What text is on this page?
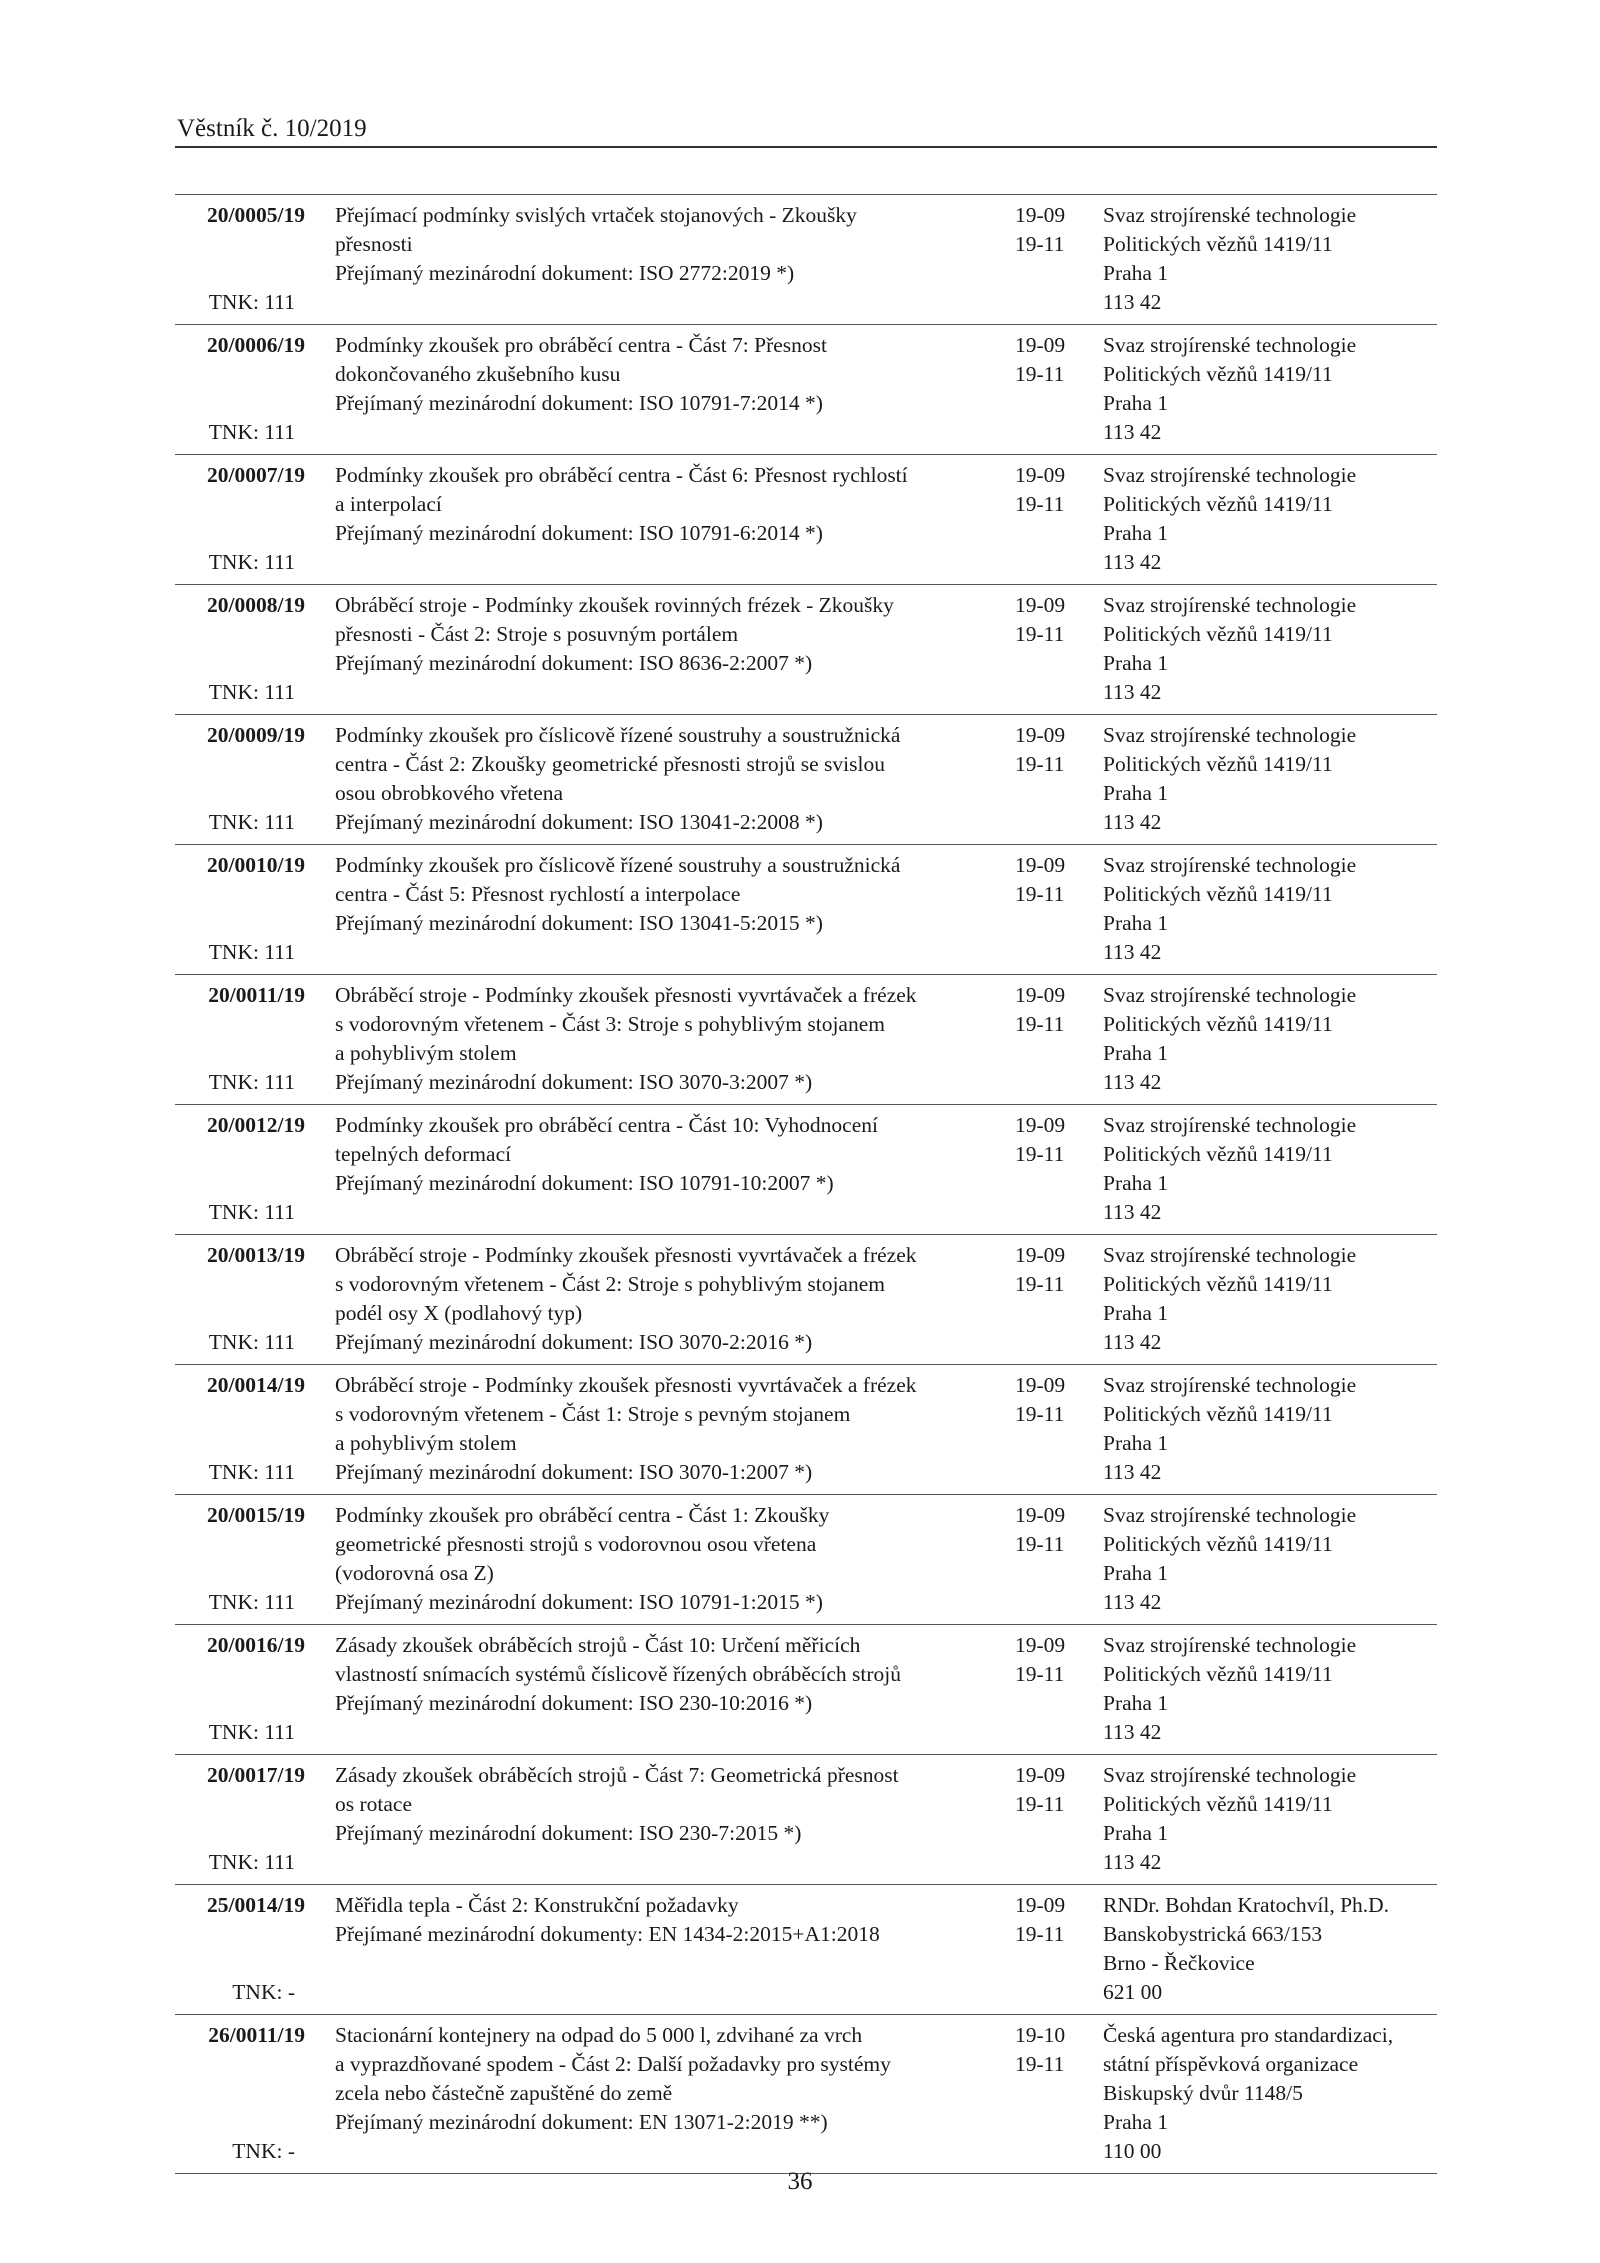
Věstník č. 10/2019
20/0005/19
TNK: 111
Přejímací podmínky svislých vrtaček stojanových - Zkoušky
přesnosti
Přejímaný mezinárodní dokument: ISO 2772:2019 *)
19-09
19-11
Svaz strojírenské technologie
Politických vězňů 1419/11
Praha 1
113 42
20/0006/19
TNK: 111
Podmínky zkoušek pro obráběcí centra - Část 7: Přesnost
dokončovaného zkušebního kusu
Přejímaný mezinárodní dokument: ISO 10791-7:2014 *)
19-09
19-11
Svaz strojírenské technologie
Politických vězňů 1419/11
Praha 1
113 42
20/0007/19
TNK: 111
Podmínky zkoušek pro obráběcí centra - Část 6: Přesnost rychlostí
a interpolací
Přejímaný mezinárodní dokument: ISO 10791-6:2014 *)
19-09
19-11
Svaz strojírenské technologie
Politických vězňů 1419/11
Praha 1
113 42
20/0008/19
TNK: 111
Obráběcí stroje - Podmínky zkoušek rovinných frézek - Zkoušky
přesnosti - Část 2: Stroje s posuvným portálem
Přejímaný mezinárodní dokument: ISO 8636-2:2007 *)
19-09
19-11
Svaz strojírenské technologie
Politických vězňů 1419/11
Praha 1
113 42
20/0009/19
TNK: 111
Podmínky zkoušek pro číslicově řízené soustruhy a soustružnická
centra - Část 2: Zkoušky geometrické přesnosti strojů se svislou
osou obrobkového vřetena
Přejímaný mezinárodní dokument: ISO 13041-2:2008 *)
19-09
19-11
Svaz strojírenské technologie
Politických vězňů 1419/11
Praha 1
113 42
20/0010/19
TNK: 111
Podmínky zkoušek pro číslicově řízené soustruhy a soustružnická
centra - Část 5: Přesnost rychlostí a interpolace
Přejímaný mezinárodní dokument: ISO 13041-5:2015 *)
19-09
19-11
Svaz strojírenské technologie
Politických vězňů 1419/11
Praha 1
113 42
20/0011/19
TNK: 111
Obráběcí stroje - Podmínky zkoušek přesnosti vyvrtávaček a frézek
s vodorovným vřetenem - Část 3: Stroje s pohyblivým stojanem
a pohyblivým stolem
Přejímaný mezinárodní dokument: ISO 3070-3:2007 *)
19-09
19-11
Svaz strojírenské technologie
Politických vězňů 1419/11
Praha 1
113 42
20/0012/19
TNK: 111
Podmínky zkoušek pro obráběcí centra - Část 10: Vyhodnocení
tepelných deformací
Přejímaný mezinárodní dokument: ISO 10791-10:2007 *)
19-09
19-11
Svaz strojírenské technologie
Politických vězňů 1419/11
Praha 1
113 42
20/0013/19
TNK: 111
Obráběcí stroje - Podmínky zkoušek přesnosti vyvrtávaček a frézek
s vodorovným vřetenem - Část 2: Stroje s pohyblivým stojanem
podél osy X (podlahový typ)
Přejímaný mezinárodní dokument: ISO 3070-2:2016 *)
19-09
19-11
Svaz strojírenské technologie
Politických vězňů 1419/11
Praha 1
113 42
20/0014/19
TNK: 111
Obráběcí stroje - Podmínky zkoušek přesnosti vyvrtávaček a frézek
s vodorovným vřetenem - Část 1: Stroje s pevným stojanem
a pohyblivým stolem
Přejímaný mezinárodní dokument: ISO 3070-1:2007 *)
19-09
19-11
Svaz strojírenské technologie
Politických vězňů 1419/11
Praha 1
113 42
20/0015/19
TNK: 111
Podmínky zkoušek pro obráběcí centra - Část 1: Zkoušky
geometrické přesnosti strojů s vodorovnou osou vřetena
(vodorovná osa Z)
Přejímaný mezinárodní dokument: ISO 10791-1:2015 *)
19-09
19-11
Svaz strojírenské technologie
Politických vězňů 1419/11
Praha 1
113 42
20/0016/19
TNK: 111
Zásady zkoušek obráběcích strojů - Část 10: Určení měřicích
vlastností snímacích systémů číslicově řízených obráběcích strojů
Přejímaný mezinárodní dokument: ISO 230-10:2016 *)
19-09
19-11
Svaz strojírenské technologie
Politických vězňů 1419/11
Praha 1
113 42
20/0017/19
TNK: 111
Zásady zkoušek obráběcích strojů - Část 7: Geometrická přesnost
os rotace
Přejímaný mezinárodní dokument: ISO 230-7:2015 *)
19-09
19-11
Svaz strojírenské technologie
Politických vězňů 1419/11
Praha 1
113 42
25/0014/19
TNK: -
Měřidla tepla - Část 2: Konstrukční požadavky
Přejímané mezinárodní dokumenty: EN 1434-2:2015+A1:2018
19-09
19-11
RNDr. Bohdan Kratochvíl, Ph.D.
Banskobystrická 663/153
Brno - Řečkovice
621 00
26/0011/19
TNK: -
Stacionární kontejnery na odpad do 5 000 l, zdvihané za vrch
a vyprazdňované spodem - Část 2: Další požadavky pro systémy
zcela nebo částečně zapuštěné do země
Přejímaný mezinárodní dokument: EN 13071-2:2019 **)
19-10
19-11
Česká agentura pro standardizaci,
státní příspěvková organizace
Biskupský dvůr 1148/5
Praha 1
110 00
36
